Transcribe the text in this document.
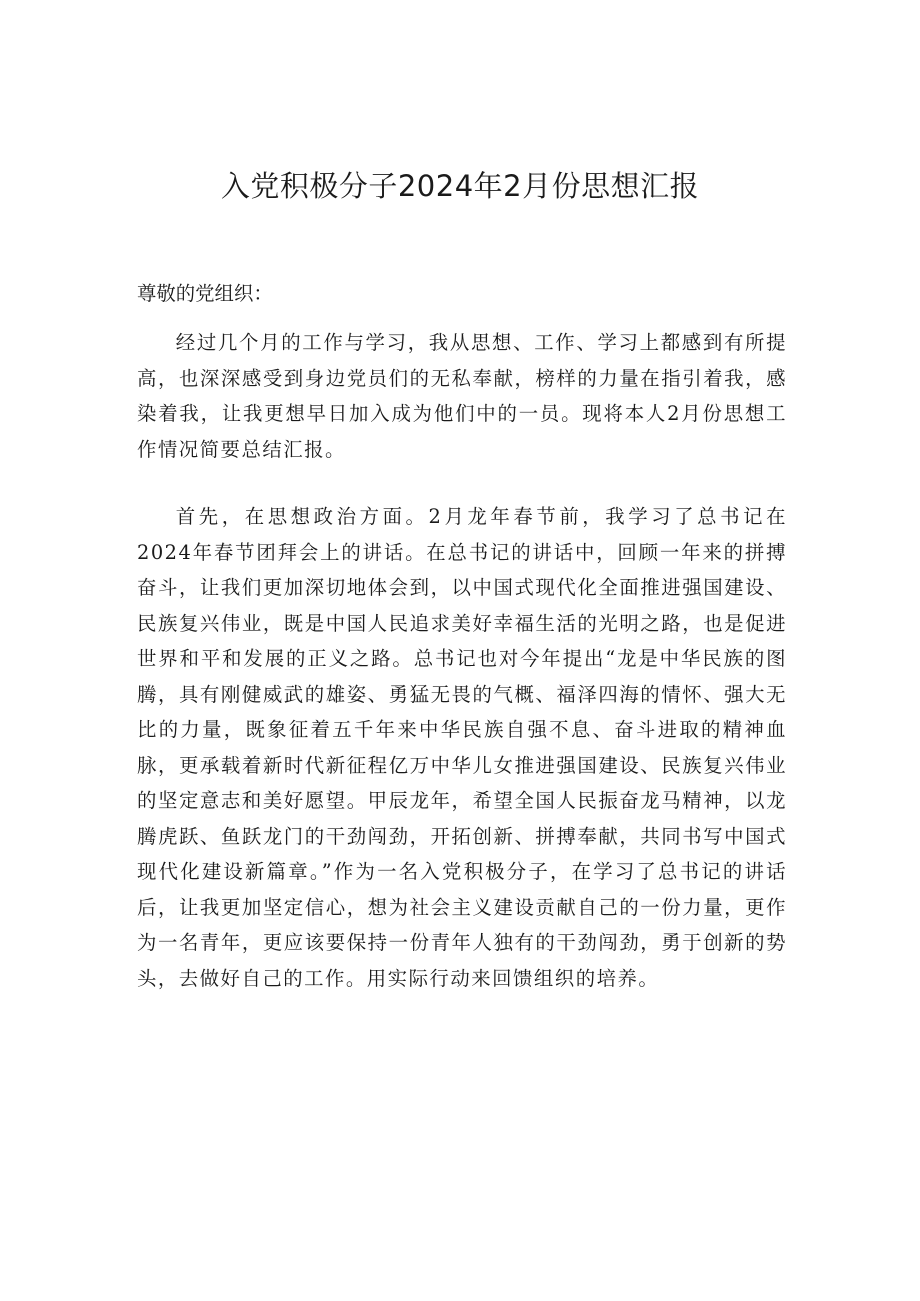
入党积极分子2024年2月份思想汇报

尊敬的党组织：

经过几个月的工作与学习，我从思想、工作、学习上都感到有所提高，也深深感受到身边党员们的无私奉献，榜样的力量在指引着我，感染着我，让我更想早日加入成为他们中的一员。现将本人2月份思想工作情况简要总结汇报。

首先，在思想政治方面。2月龙年春节前，我学习了总书记在2024年春节团拜会上的讲话。在总书记的讲话中，回顾一年来的拼搏奋斗，让我们更加深切地体会到，以中国式现代化全面推进强国建设、民族复兴伟业，既是中国人民追求美好幸福生活的光明之路，也是促进世界和平和发展的正义之路。总书记也对今年提出“龙是中华民族的图腾，具有刚健威武的雄姿、勇猛无畏的气概、福泽四海的情怀、强大无比的力量，既象征着五千年来中华民族自强不息、奋斗进取的精神血脉，更承载着新时代新征程亿万中华儿女推进强国建设、民族复兴伟业的坚定意志和美好愿望。甲辰龙年，希望全国人民振奋龙马精神，以龙腾虎跃、鱼跃龙门的干劲闯劲，开拓创新、拼搏奉献，共同书写中国式现代化建设新篇章。”作为一名入党积极分子，在学习了总书记的讲话后，让我更加坚定信心，想为社会主义建设贡献自己的一份力量，更作为一名青年，更应该要保持一份青年人独有的干劲闯劲，勇于创新的势头，去做好自己的工作。用实际行动来回馈组织的培养。
